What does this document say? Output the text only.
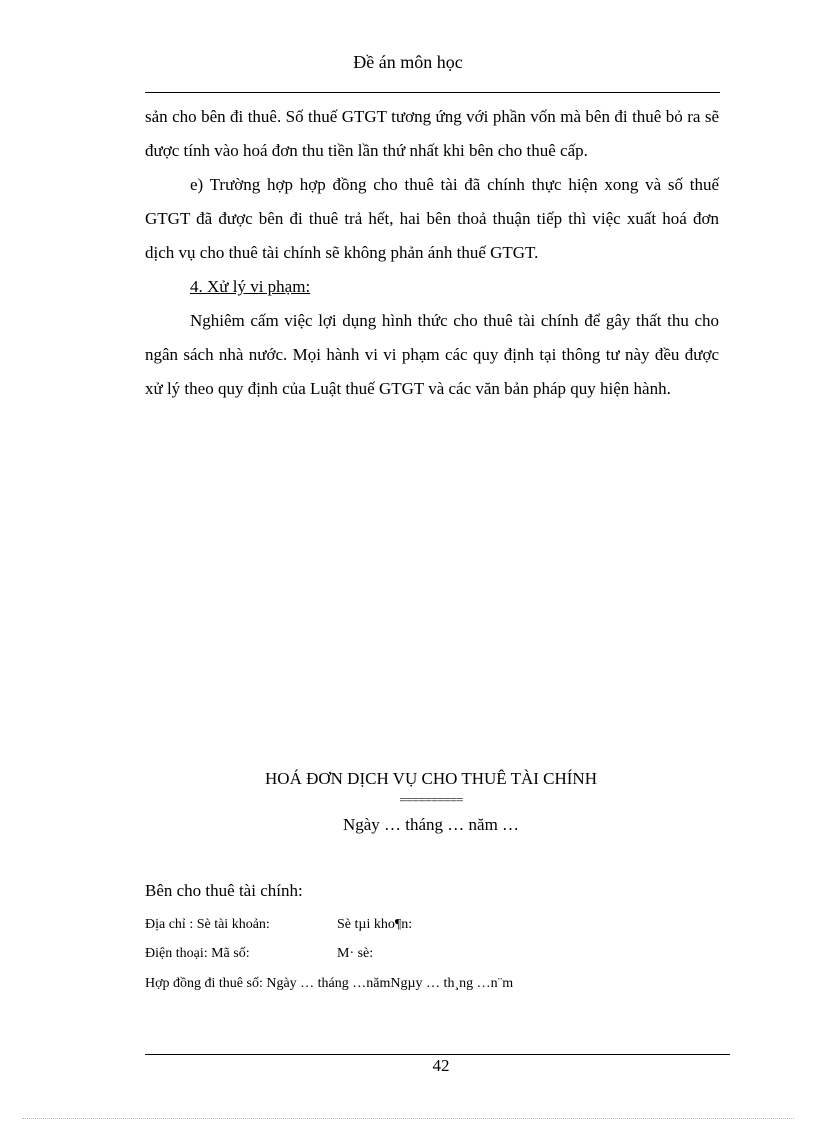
Đề án môn học

sản cho bên đi thuê. Số thuế GTGT tương ứng với phần vốn mà bên đi thuê bỏ ra sẽ được tính vào hoá đơn thu tiền lần thứ nhất khi bên cho thuê cấp.

e) Trường hợp hợp đồng cho thuê tài đã chính thực hiện xong và số thuế GTGT đã được bên đi thuê trả hết, hai bên thoả thuận tiếp thì việc xuất hoá đơn dịch vụ cho thuê tài chính sẽ không phản ánh thuế GTGT.

4. Xử lý vi phạm:

Nghiêm cấm việc lợi dụng hình thức cho thuê tài chính để gây thất thu cho ngân sách nhà nước. Mọi hành vi vi phạm các quy định tại thông tư này đều được xử lý theo quy định của Luật thuế GTGT và các văn bản pháp quy hiện hành.

HOÁ ĐƠN DỊCH VỤ CHO THUÊ TÀI CHÍNH
==========
Ngày … tháng … năm …
Bên cho thuê tài chính:
Địa chỉ : Sè tài khoản:	Sè tµi kho¶n:
Điện thoại: Mã số:	M· sè:
Hợp đồng đi thuê số: Ngày … tháng …nămNgµy … th¸ng …n¨m
42
